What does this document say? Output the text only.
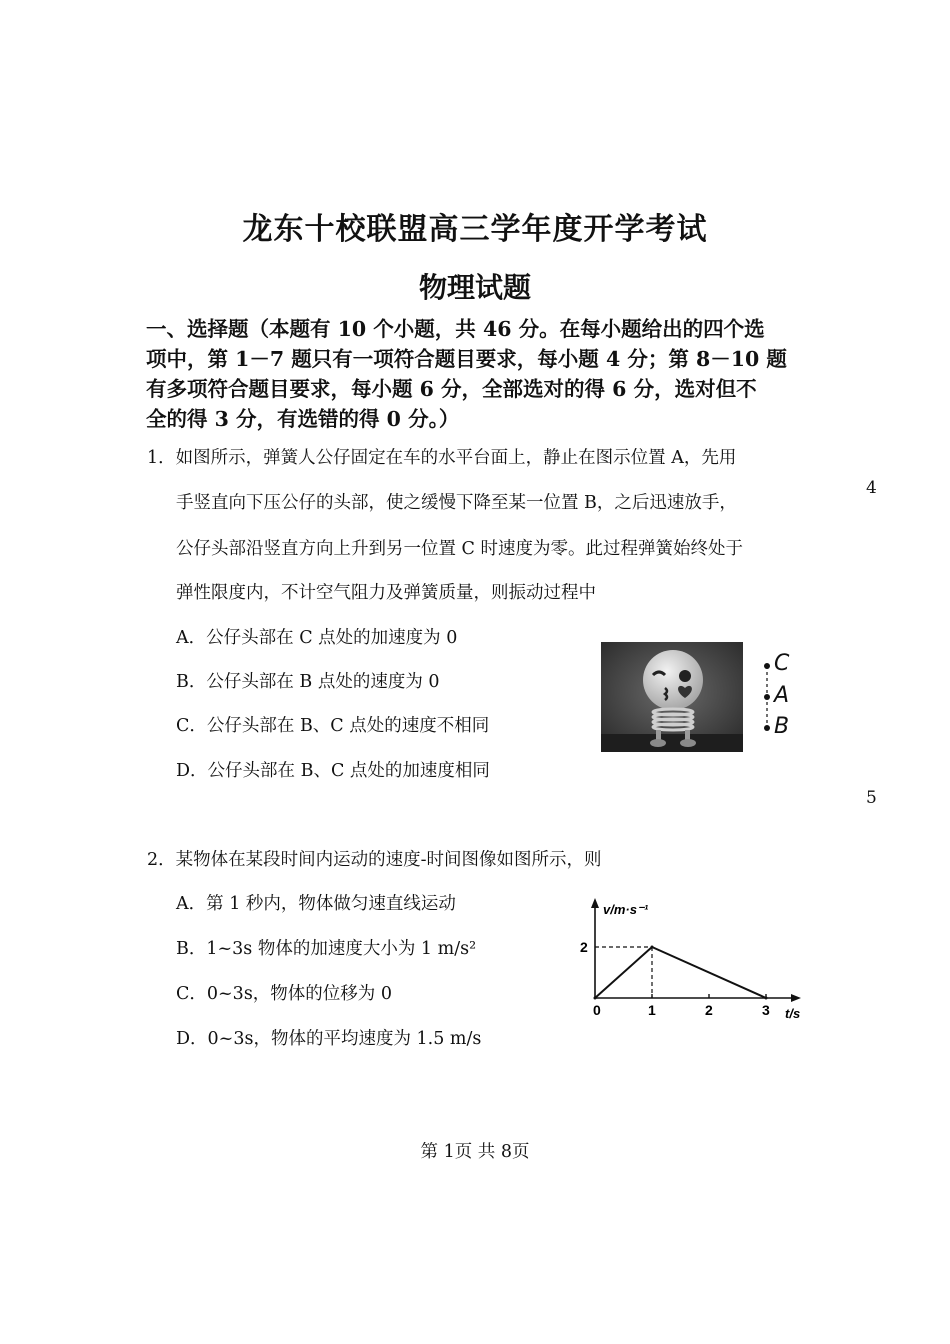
龙东十校联盟高三学年度开学考试
物理试题
一、选择题（本题有 10 个小题，共 46 分。在每小题给出的四个选
项中，第 1－7 题只有一项符合题目要求，每小题 4 分；第 8－10 题
有多项符合题目要求，每小题 6 分，全部选对的得 6 分，选对但不
全的得 3 分，有选错的得 0 分。）
1．如图所示，弹簧人公仔固定在车的水平台面上，静止在图示位置 A，先用
手竖直向下压公仔的头部，使之缓慢下降至某一位置 B，之后迅速放手，
公仔头部沿竖直方向上升到另一位置 C 时速度为零。此过程弹簧始终处于
弹性限度内，不计空气阻力及弹簧质量，则振动过程中
A．公仔头部在 C 点处的加速度为 0
B．公仔头部在 B 点处的速度为 0
C．公仔头部在 B、C 点处的速度不相同
D．公仔头部在 B、C 点处的加速度相同
4
5
C
A
B
2．某物体在某段时间内运动的速度-时间图像如图所示，则
A．第 1 秒内，物体做匀速直线运动
B．1~3s 物体的加速度大小为 1 m/s²
C．0~3s，物体的位移为 0
D．0~3s，物体的平均速度为 1.5 m/s
v/m·s⁻¹
t/s
0	1	2	3
2
第 1页 共 8页
